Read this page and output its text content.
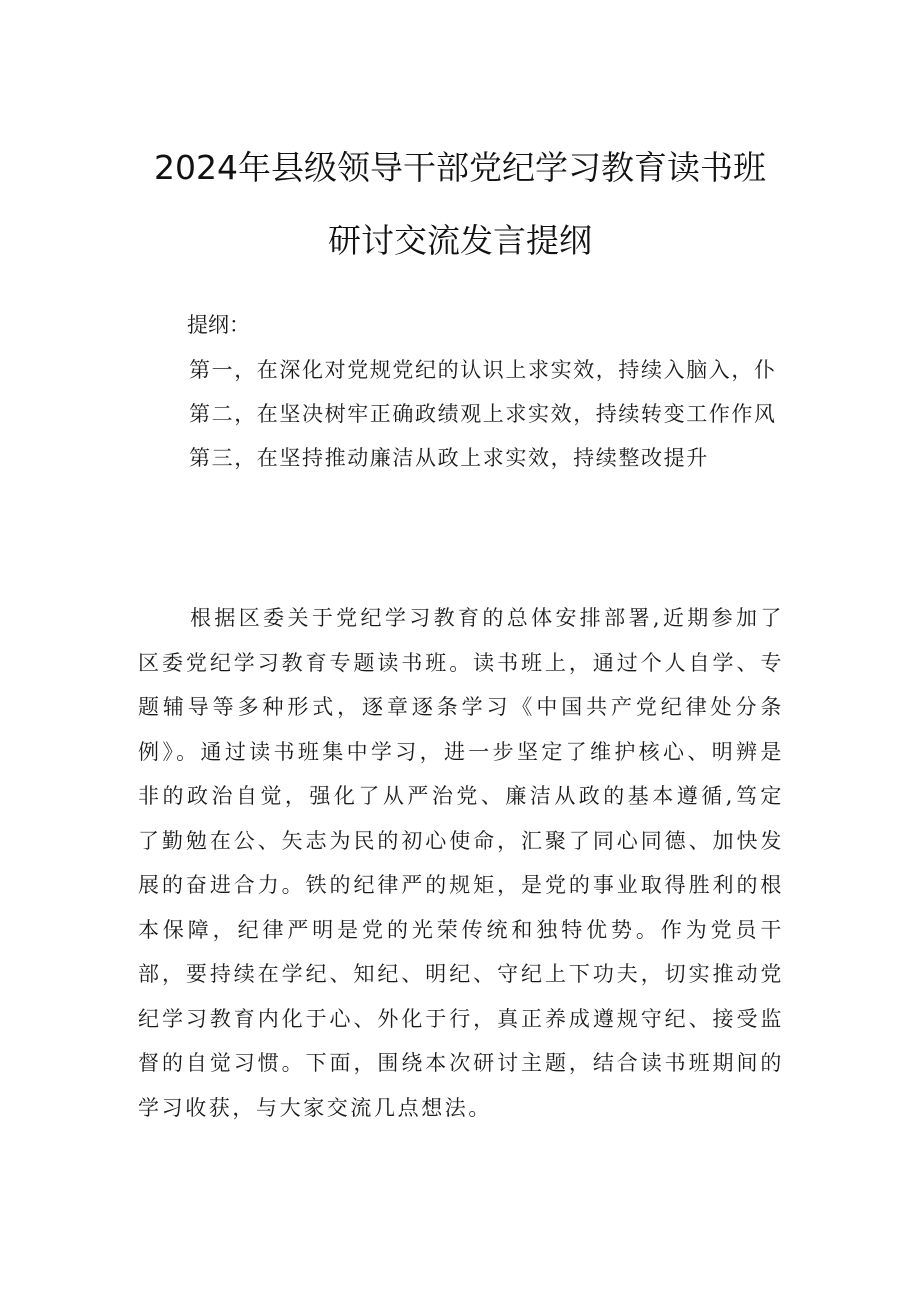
2024年县级领导干部党纪学习教育读书班
研讨交流发言提纲
提纲：
第一，在深化对党规党纪的认识上求实效，持续入脑入，仆
第二，在坚决树牢正确政绩观上求实效，持续转变工作作风
第三，在坚持推动廉洁从政上求实效，持续整改提升

根据区委关于党纪学习教育的总体安排部署,近期参加了区委党纪学习教育专题读书班。读书班上，通过个人自学、专题辅导等多种形式，逐章逐条学习《中国共产党纪律处分条例》。通过读书班集中学习，进一步坚定了维护核心、明辨是非的政治自觉，强化了从严治党、廉洁从政的基本遵循,笃定了勤勉在公、矢志为民的初心使命，汇聚了同心同德、加快发展的奋进合力。铁的纪律严的规矩，是党的事业取得胜利的根本保障，纪律严明是党的光荣传统和独特优势。作为党员干部，要持续在学纪、知纪、明纪、守纪上下功夫，切实推动党纪学习教育内化于心、外化于行，真正养成遵规守纪、接受监督的自觉习惯。下面，围绕本次研讨主题，结合读书班期间的学习收获，与大家交流几点想法。
